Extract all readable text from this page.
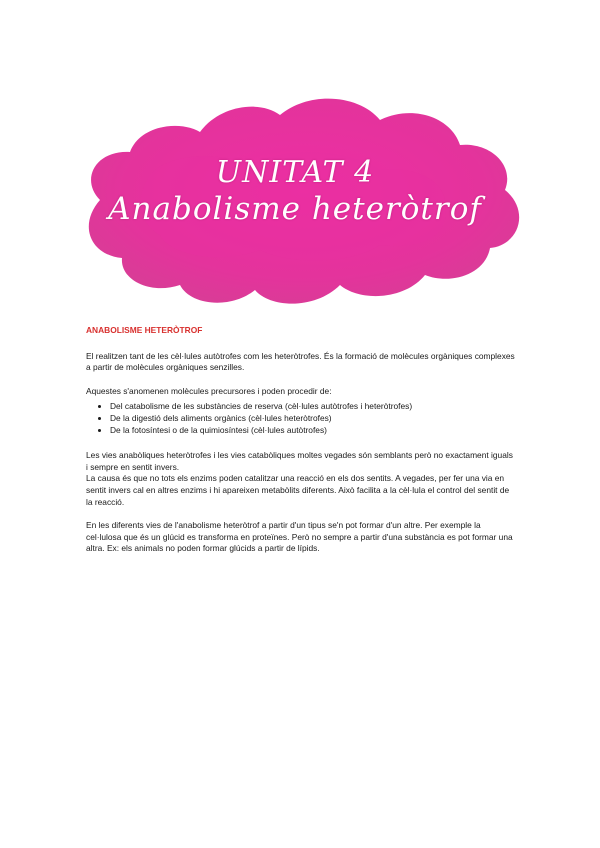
UNITAT 4
Anabolisme heteròtrof
ANABOLISME HETERÒTROF

El realitzen tant de les cèl·lules autòtrofes com les heteròtrofes. És la formació de molècules orgàniques complexes a partir de molècules orgàniques senzilles.

Aquestes s'anomenen molècules precursores i poden procedir de:

• Del catabolisme de les substàncies de reserva (cèl·lules autòtrofes i heteròtrofes)
• De la digestió dels aliments orgànics (cèl·lules heteròtrofes)
• De la fotosíntesi o de la quimiosíntesi (cèl·lules autòtrofes)

Les vies anabòliques heteròtrofes i les vies catabòliques moltes vegades són semblants però no exactament iguals i sempre en sentit invers.

La causa és que no tots els enzims poden catalitzar una reacció en els dos sentits. A vegades, per fer una via en sentit invers cal en altres enzims i hi apareixen metabòlits diferents. Això facilita a la cèl·lula el control del sentit de la reacció.

En les diferents vies de l'anabolisme heteròtrof a partir d'un tipus se'n pot formar d'un altre. Per exemple la cel·lulosa que és un glúcid es transforma en proteïnes. Però no sempre a partir d'una substància es pot formar una altra. Ex: els animals no poden formar glúcids a partir de lípids.
